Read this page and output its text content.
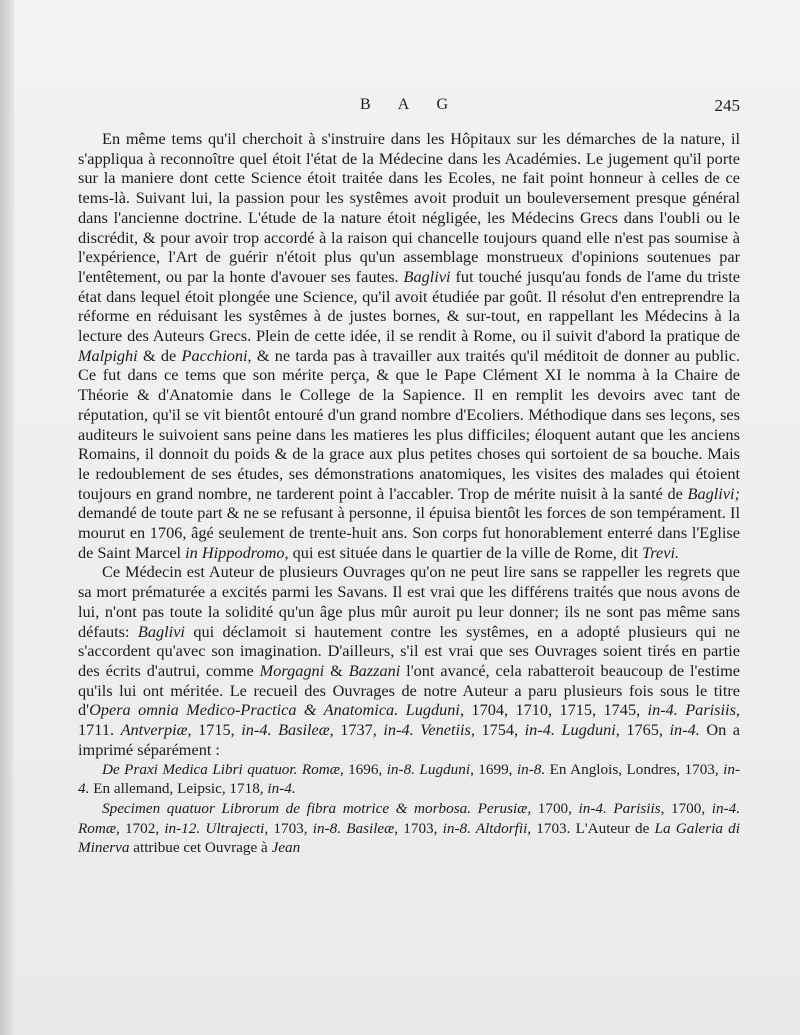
B A G	245

En même tems qu'il cherchoit à s'instruire dans les Hôpitaux sur les démarches de la nature, il s'appliqua à reconnoître quel étoit l'état de la Médecine dans les Académies. Le jugement qu'il porte sur la maniere dont cette Science étoit traitée dans les Ecoles, ne fait point honneur à celles de ce tems-là. Suivant lui, la passion pour les systêmes avoit produit un bouleversement presque général dans l'ancienne doctrine. L'étude de la nature étoit négligée, les Médecins Grecs dans l'oubli ou le discrédit, & pour avoir trop accordé à la raison qui chancelle toujours quand elle n'est pas soumise à l'expérience, l'Art de guérir n'étoit plus qu'un assemblage monstrueux d'opinions soutenues par l'entêtement, ou par la honte d'avouer ses fautes. Baglivi fut touché jusqu'au fonds de l'ame du triste état dans lequel étoit plongée une Science, qu'il avoit étudiée par goût. Il résolut d'en entreprendre la réforme en réduisant les systêmes à de justes bornes, & sur-tout, en rappellant les Médecins à la lecture des Auteurs Grecs. Plein de cette idée, il se rendit à Rome, ou il suivit d'abord la pratique de Malpighi & de Pacchioni, & ne tarda pas à travailler aux traités qu'il méditoit de donner au public. Ce fut dans ce tems que son mérite perça, & que le Pape Clément XI le nomma à la Chaire de Théorie & d'Anatomie dans le College de la Sapience. Il en remplit les devoirs avec tant de réputation, qu'il se vit bientôt entouré d'un grand nombre d'Ecoliers. Méthodique dans ses leçons, ses auditeurs le suivoient sans peine dans les matieres les plus difficiles; éloquent autant que les anciens Romains, il donnoit du poids & de la grace aux plus petites choses qui sortoient de sa bouche. Mais le redoublement de ses études, ses démonstrations anatomiques, les visites des malades qui étoient toujours en grand nombre, ne tarderent point à l'accabler. Trop de mérite nuisit à la santé de Baglivi; demandé de toute part & ne se refusant à personne, il épuisa bientôt les forces de son tempérament. Il mourut en 1706, âgé seulement de trente-huit ans. Son corps fut honorablement enterré dans l'Eglise de Saint Marcel in Hippodromo, qui est située dans le quartier de la ville de Rome, dit Trevi.

Ce Médecin est Auteur de plusieurs Ouvrages qu'on ne peut lire sans se rappeller les regrets que sa mort prématurée a excités parmi les Savans. Il est vrai que les différens traités que nous avons de lui, n'ont pas toute la solidité qu'un âge plus mûr auroit pu leur donner; ils ne sont pas même sans défauts: Baglivi qui déclamoit si hautement contre les systêmes, en a adopté plusieurs qui ne s'accordent qu'avec son imagination. D'ailleurs, s'il est vrai que ses Ouvrages soient tirés en partie des écrits d'autrui, comme Morgagni & Bazzani l'ont avancé, cela rabatteroit beaucoup de l'estime qu'ils lui ont méritée. Le recueil des Ouvrages de notre Auteur a paru plusieurs fois sous le titre d'Opera omnia Medico-Practica & Anatomica. Lugduni, 1704, 1710, 1715, 1745, in-4. Parisiis, 1711. Antverpiæ, 1715, in-4. Basileæ, 1737, in-4. Venetiis, 1754, in-4. Lugduni, 1765, in-4. On a imprimé séparément :

De Praxi Medica Libri quatuor. Romæ, 1696, in-8. Lugduni, 1699, in-8. En Anglois, Londres, 1703, in-4. En allemand, Leipsic, 1718, in-4.

Specimen quatuor Librorum de fibra motrice & morbosa. Perusiæ, 1700, in-4. Parisiis, 1700, in-4. Romæ, 1702, in-12. Ultrajecti, 1703, in-8. Basileæ, 1703, in-8. Altdorfii, 1703. L'Auteur de La Galeria di Minerva attribue cet Ouvrage à Jean
